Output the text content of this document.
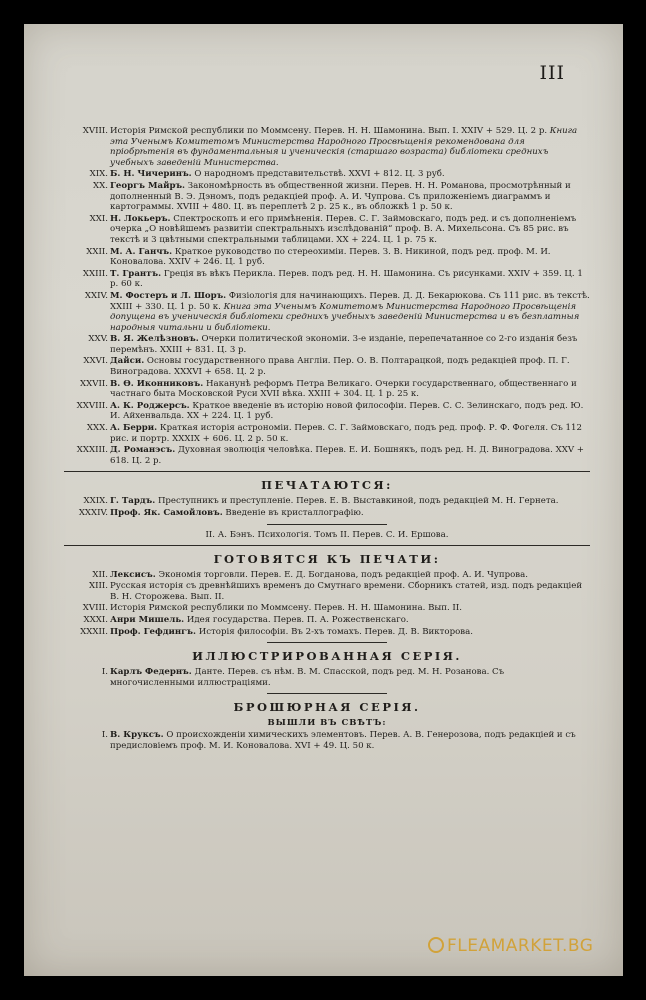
III
XVIII. Исторія Римской республики по Моммсену. Перев. Н. Н. Шамонина. Вып. I. XXIV + 529. Ц. 2 р. Книга эта Ученымъ Комитетомъ Министерства Народного Просвѣщенія рекомендована для пріобрѣтенія въ фундаментальныя и ученическія (старшаго возраста) библіотеки среднихъ учебныхъ заведеній Министерства.
XIX. Б. Н. Чичеринъ. О народномъ представительствѣ. XXVI + 812. Ц. 3 руб.
XX. Георгъ Майръ. Закономѣрность въ общественной жизни. Перев. Н. Н. Романова, просмотрѣнный и дополненный В. Э. Дэномъ, подъ редакціей проф. А. И. Чупрова. Съ приложеніемъ диаграммъ и картограммы. XVIII + 480. Ц. въ переплетѣ 2 р. 25 к., въ обложкѣ 1 р. 50 к.
XXI. Н. Локьеръ. Спектроскопъ и его примѣненія. Перев. С. Г. Займовскаго, подъ ред. и съ дополненіемъ очерка „О новѣйшемъ развитіи спектральныхъ изслѣдованій“ проф. В. А. Михельсона. Съ 85 рис. въ текстѣ и 3 цвѣтными спектральными таблицами. XX + 224. Ц. 1 р. 75 к.
XXII. М. А. Ганчъ. Краткое руководство по стереохиміи. Перев. З. В. Никиной, подъ ред. проф. М. И. Коновалова. XXIV + 246. Ц. 1 руб.
XXIII. Т. Грантъ. Греція въ вѣкъ Перикла. Перев. подъ ред. Н. Н. Шамонина. Съ рисунками. XXIV + 359. Ц. 1 р. 60 к.
XXIV. М. Фостеръ и Л. Шоръ. Физіологія для начинающихъ. Перев. Д. Д. Бекарюкова. Съ 111 рис. въ текстѣ. XXIII + 330. Ц. 1 р. 50 к. Книга эта Ученымъ Комитетомъ Министерства Народного Просвѣщенія допущена въ ученическія библіотеки среднихъ учебныхъ заведеній Министерства и въ безплатныя народныя читальни и библіотеки.
XXV. В. Я. Желѣзновъ. Очерки политической экономіи. 3-е изданіе, перепечатанное со 2-го изданія безъ перемѣнъ. XXIII + 831. Ц. 3 р.
XXVI. Дайси. Основы государственного права Англіи. Пер. О. В. Полтарацкой, подъ редакціей проф. П. Г. Виноградова. XXXVI + 658. Ц. 2 р.
XXVII. В. Ѳ. Иконниковъ. Наканунѣ реформъ Петра Великаго. Очерки государственнаго, общественнаго и частнаго быта Московской Руси XVII вѣка. XXIII + 304. Ц. 1 р. 25 к.
XXVIII. А. К. Роджерсъ. Краткое введеніе въ исторію новой философіи. Перев. С. С. Зелинскаго, подъ ред. Ю. И. Айхенвальда. XX + 224. Ц. 1 руб.
XXX. А. Берри. Краткая исторія астрономіи. Перев. С. Г. Займовскаго, подъ ред. проф. Р. Ф. Фогеля. Съ 112 рис. и портр. XXXIX + 606. Ц. 2 р. 50 к.
XXXIII. Д. Романэсъ. Духовная эволюція человѣка. Перев. Е. И. Бошнякъ, подъ ред. Н. Д. Виноградова. XXV + 618. Ц. 2 р.
ПЕЧАТАЮТСЯ:
XXIX. Г. Тардъ. Преступникъ и преступленіе. Перев. Е. В. Выставкиной, подъ редакціей М. Н. Гернета.
XXXIV. Проф. Як. Самойловъ. Введеніе въ кристаллографію.
II. А. Бэнъ. Психологія. Томъ II. Перев. С. И. Ершова.
ГОТОВЯТСЯ КЪ ПЕЧАТИ:
XII. Лексисъ. Экономія торговли. Перев. Е. Д. Богданова, подъ редакціей проф. А. И. Чупрова.
XIII. Русская исторія съ древнѣйшихъ временъ до Смутнаго времени. Сборникъ статей, изд. подъ редакціей В. Н. Сторожева. Вып. II.
XVIII. Исторія Римской республики по Моммсену. Перев. Н. Н. Шамонина. Вып. II.
XXXI. Анри Мишель. Идея государства. Перев. П. А. Рожественскаго.
XXXII. Проф. Гефдингъ. Исторія философіи. Въ 2-хъ томахъ. Перев. Д. В. Викторова.
ИЛЛЮСТРИРОВАННАЯ СЕРІЯ.
I. Карлъ Федернъ. Данте. Перев. съ нѣм. В. М. Спасской, подъ ред. М. Н. Розанова. Съ многочисленными иллюстраціями.
БРОШЮРНАЯ СЕРІЯ.
ВЫШЛИ ВЪ СВѢТЪ:
I. В. Круксъ. О происхожденіи химическихъ элементовъ. Перев. А. В. Генерозова, подъ редакціей и съ предисловіемъ проф. М. И. Коновалова. XVI + 49. Ц. 50 к.
FLEAMARKET.BG
